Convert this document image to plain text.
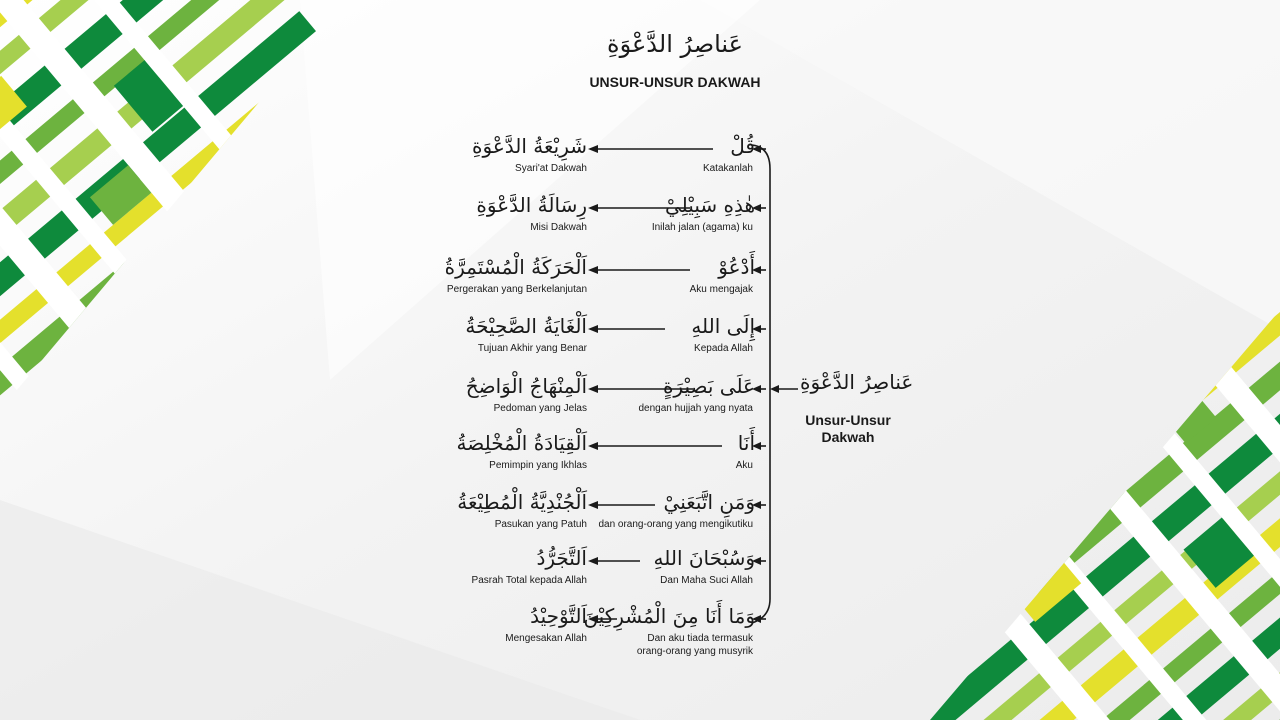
عَناصِرُ الدَّعْوَةِ
UNSUR-UNSUR DAKWAH
شَرِيْعَةُ الدَّعْوَةِ
Syari'at Dakwah
قُلْ
Katakanlah
رِسَالَةُ الدَّعْوَةِ
Misi Dakwah
هٰذِهِ سَبِيْلِيْ
Inilah jalan (agama) ku
اَلْحَرَكَةُ الْمُسْتَمِرَّةُ
Pergerakan yang Berkelanjutan
أَدْعُوْ
Aku mengajak
اَلْغَايَةُ الصَّحِيْحَةُ
Tujuan Akhir yang Benar
إِلَى اللهِ
Kepada Allah
اَلْمِنْهَاجُ الْوَاضِحُ
Pedoman yang Jelas
عَلَى بَصِيْرَةٍ
dengan hujjah yang nyata
اَلْقِيَادَةُ الْمُخْلِصَةُ
Pemimpin yang Ikhlas
أَنَا
Aku
اَلْجُنْدِيَّةُ الْمُطِيْعَةُ
Pasukan yang Patuh
وَمَنِ اتَّبَعَنِيْ
dan orang-orang yang mengikutiku
اَلتَّجَرُّدُ
Pasrah Total kepada Allah
وَسُبْحَانَ اللهِ
Dan Maha Suci Allah
اَلتَّوْحِيْدُ
Mengesakan Allah
وَمَا أَنَا مِنَ الْمُشْرِكِيْنَ
Dan aku tiada termasuk
orang-orang yang musyrik
عَناصِرُ الدَّعْوَةِ
Unsur-Unsur
Dakwah
